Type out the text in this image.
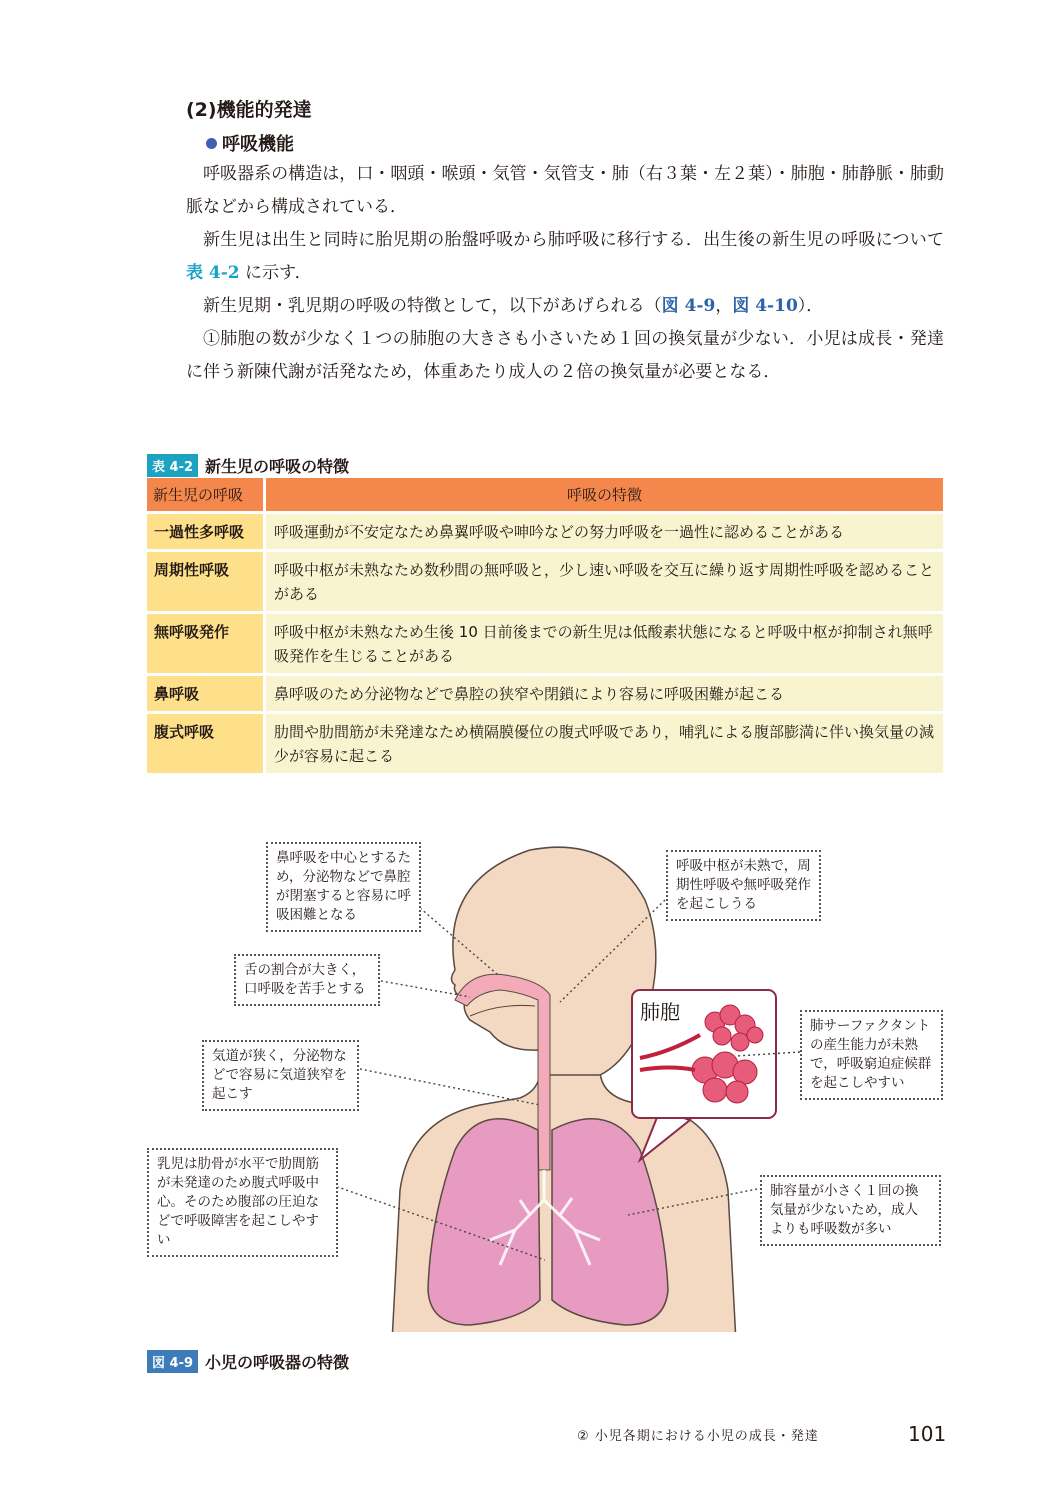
(2)機能的発達
呼吸機能

呼吸器系の構造は，口・咽頭・喉頭・気管・気管支・肺（右３葉・左２葉）・肺胞・肺静脈・肺動脈などから構成されている．

新生児は出生と同時に胎児期の胎盤呼吸から肺呼吸に移行する．出生後の新生児の呼吸について表 4-2 に示す．

新生児期・乳児期の呼吸の特徴として，以下があげられる（図 4-9，図 4-10）．

①肺胞の数が少なく１つの肺胞の大きさも小さいため１回の換気量が少ない．小児は成長・発達に伴う新陳代謝が活発なため，体重あたり成人の２倍の換気量が必要となる．

表 4-2 新生児の呼吸の特徴
新生児の呼吸	呼吸の特徴
一過性多呼吸	呼吸運動が不安定なため鼻翼呼吸や呻吟などの努力呼吸を一過性に認めることがある
周期性呼吸	呼吸中枢が未熟なため数秒間の無呼吸と，少し速い呼吸を交互に繰り返す周期性呼吸を認めることがある
無呼吸発作	呼吸中枢が未熟なため生後 10 日前後までの新生児は低酸素状態になると呼吸中枢が抑制され無呼吸発作を生じることがある
鼻呼吸	鼻呼吸のため分泌物などで鼻腔の狭窄や閉鎖により容易に呼吸困難が起こる
腹式呼吸	肋間や肋間筋が未発達なため横隔膜優位の腹式呼吸であり，哺乳による腹部膨満に伴い換気量の減少が容易に起こる
肺胞
鼻呼吸を中心とするため，分泌物などで鼻腔が閉塞すると容易に呼吸困難となる
舌の割合が大きく，口呼吸を苦手とする
気道が狭く，分泌物などで容易に気道狭窄を起こす
乳児は肋骨が水平で肋間筋が未発達のため腹式呼吸中心。そのため腹部の圧迫などで呼吸障害を起こしやすい
呼吸中枢が未熟で，周期性呼吸や無呼吸発作を起こしうる
肺サーファクタントの産生能力が未熟で，呼吸窮迫症候群を起こしやすい
肺容量が小さく１回の換気量が少ないため，成人よりも呼吸数が多い
図 4-9 小児の呼吸器の特徴
② 小児各期における小児の成長・発達	101
